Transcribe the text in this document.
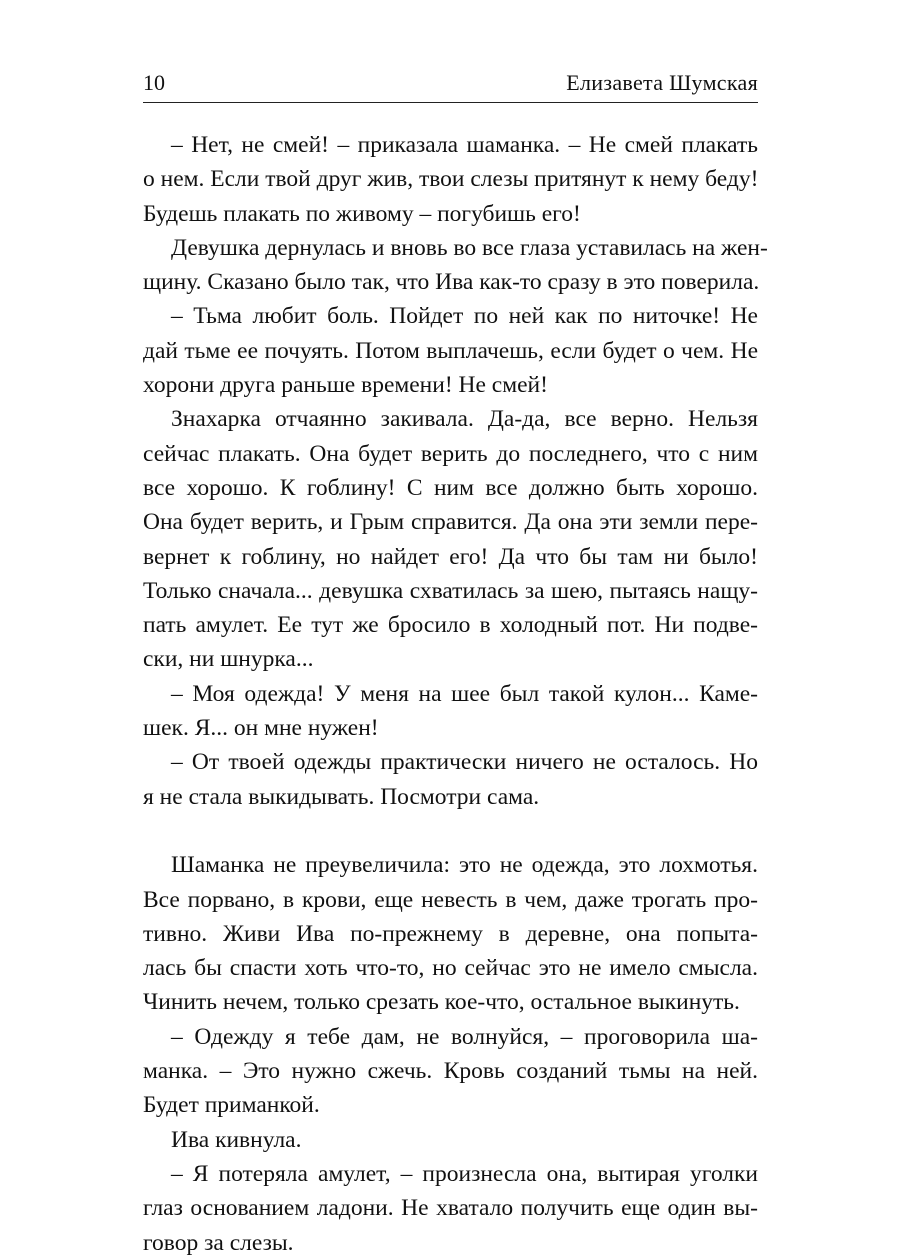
10	Елизавета Шумская
– Нет, не смей! – приказала шаманка. – Не смей плакать
о нем. Если твой друг жив, твои слезы притянут к нему беду!
Будешь плакать по живому – погубишь его!
Девушка дернулась и вновь во все глаза уставилась на жен-
щину. Сказано было так, что Ива как-то сразу в это поверила.
– Тьма любит боль. Пойдет по ней как по ниточке! Не
дай тьме ее почуять. Потом выплачешь, если будет о чем. Не
хорони друга раньше времени! Не смей!
Знахарка отчаянно закивала. Да-да, все верно. Нельзя
сейчас плакать. Она будет верить до последнего, что с ним
все хорошо. К гоблину! С ним все должно быть хорошо.
Она будет верить, и Грым справится. Да она эти земли пере-
вернет к гоблину, но найдет его! Да что бы там ни было!
Только сначала... девушка схватилась за шею, пытаясь нащу-
пать амулет. Ее тут же бросило в холодный пот. Ни подве-
ски, ни шнурка...
– Моя одежда! У меня на шее был такой кулон... Каме-
шек. Я... он мне нужен!
– От твоей одежды практически ничего не осталось. Но
я не стала выкидывать. Посмотри сама.
Шаманка не преувеличила: это не одежда, это лохмотья.
Все порвано, в крови, еще невесть в чем, даже трогать про-
тивно. Живи Ива по-прежнему в деревне, она попыта-
лась бы спасти хоть что-то, но сейчас это не имело смысла.
Чинить нечем, только срезать кое-что, остальное выкинуть.
– Одежду я тебе дам, не волнуйся, – проговорила ша-
манка. – Это нужно сжечь. Кровь созданий тьмы на ней.
Будет приманкой.
Ива кивнула.
– Я потеряла амулет, – произнесла она, вытирая уголки
глаз основанием ладони. Не хватало получить еще один вы-
говор за слезы.
